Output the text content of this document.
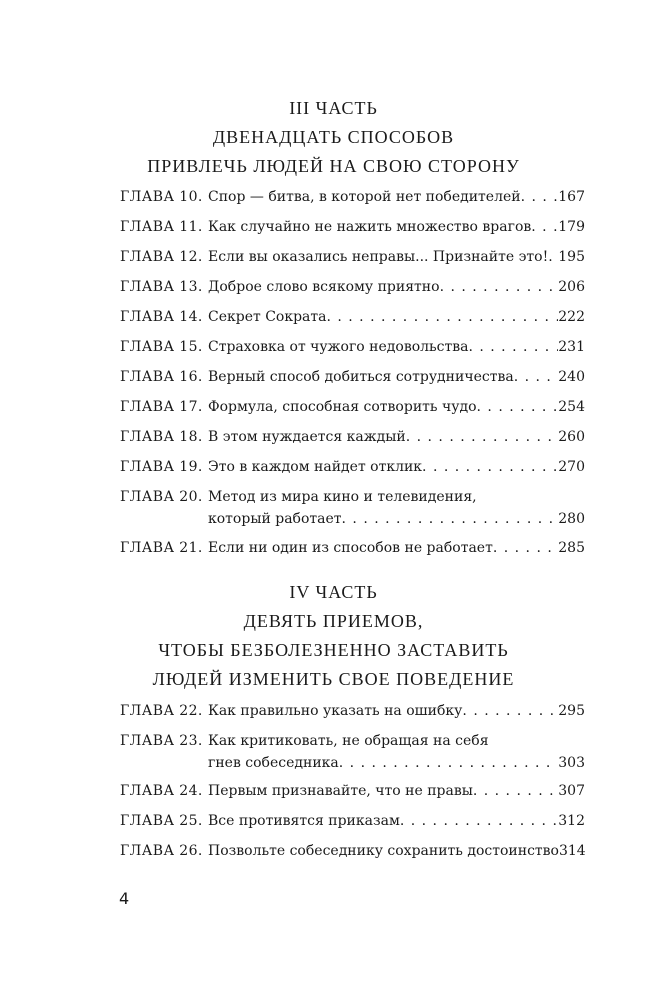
III ЧАСТЬ
ДВЕНАДЦАТЬ СПОСОБОВ
ПРИВЛЕЧЬ ЛЮДЕЙ НА СВОЮ СТОРОНУ
ГЛАВА 10. Спор — битва, в которой нет победителей . . .	167
ГЛАВА 11. Как случайно не нажить множество врагов . . . 179
ГЛАВА 12. Если вы оказались неправы... Признайте это! . . . 195
ГЛАВА 13. Доброе слово всякому приятно . . .	206
ГЛАВА 14. Секрет Сократа . . .	222
ГЛАВА 15. Страховка от чужого недовольства . . .	231
ГЛАВА 16. Верный способ добиться сотрудничества . . .	240
ГЛАВА 17. Формула, способная сотворить чудо . . .	254
ГЛАВА 18. В этом нуждается каждый . . .	260
ГЛАВА 19. Это в каждом найдет отклик . . .	270
ГЛАВА 20. Метод из мира кино и телевидения,
который работает . . .	280
ГЛАВА 21. Если ни один из способов не работает . . .	285
IV ЧАСТЬ
ДЕВЯТЬ ПРИЕМОВ,
ЧТОБЫ БЕЗБОЛЕЗНЕННО ЗАСТАВИТЬ
ЛЮДЕЙ ИЗМЕНИТЬ СВОЕ ПОВЕДЕНИЕ
ГЛАВА 22. Как правильно указать на ошибку . . .	295
ГЛАВА 23. Как критиковать, не обращая на себя
гнев собеседника . . .	303
ГЛАВА 24. Первым признавайте, что не правы . . .	307
ГЛАВА 25. Все противятся приказам . . .	312
ГЛАВА 26. Позвольте собеседнику сохранить достоинство 314
4
